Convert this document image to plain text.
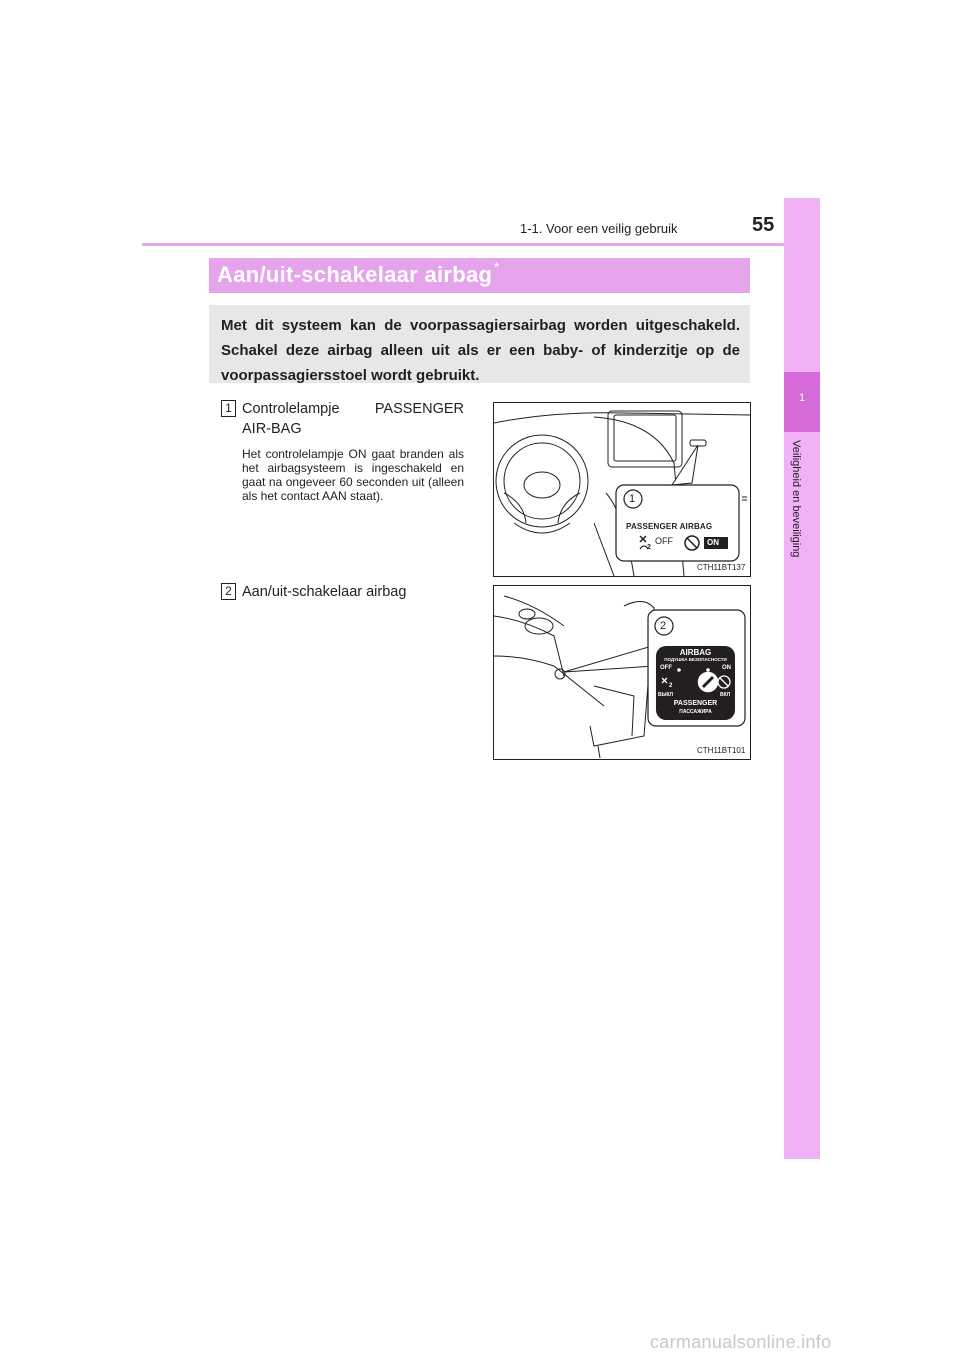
1-1. Voor een veilig gebruik	55
1
Veiligheid en beveiliging
Aan/uit-schakelaar airbag *
Met dit systeem kan de voorpassagiersairbag worden uitgeschakeld. Schakel deze airbag alleen uit als er een baby- of kinderzitje op de voorpassagiersstoel wordt gebruikt.
1 Controlelampje PASSENGER AIR-BAG
Het controlelampje ON gaat branden als het airbagsysteem is ingeschakeld en gaat na ongeveer 60 seconden uit (alleen als het contact AAN staat).
2 Aan/uit-schakelaar airbag
1
PASSENGER AIRBAG
2
OFF	ON
CTH11BT137
2
AIRBAG
ПОДУШКА БЕЗОПАСНОСТИ
OFF	ON
2
ВЫКЛ	ВКЛ
PASSENGER
ПАССАЖИРА
CTH11BT101
carmanualsonline.info
